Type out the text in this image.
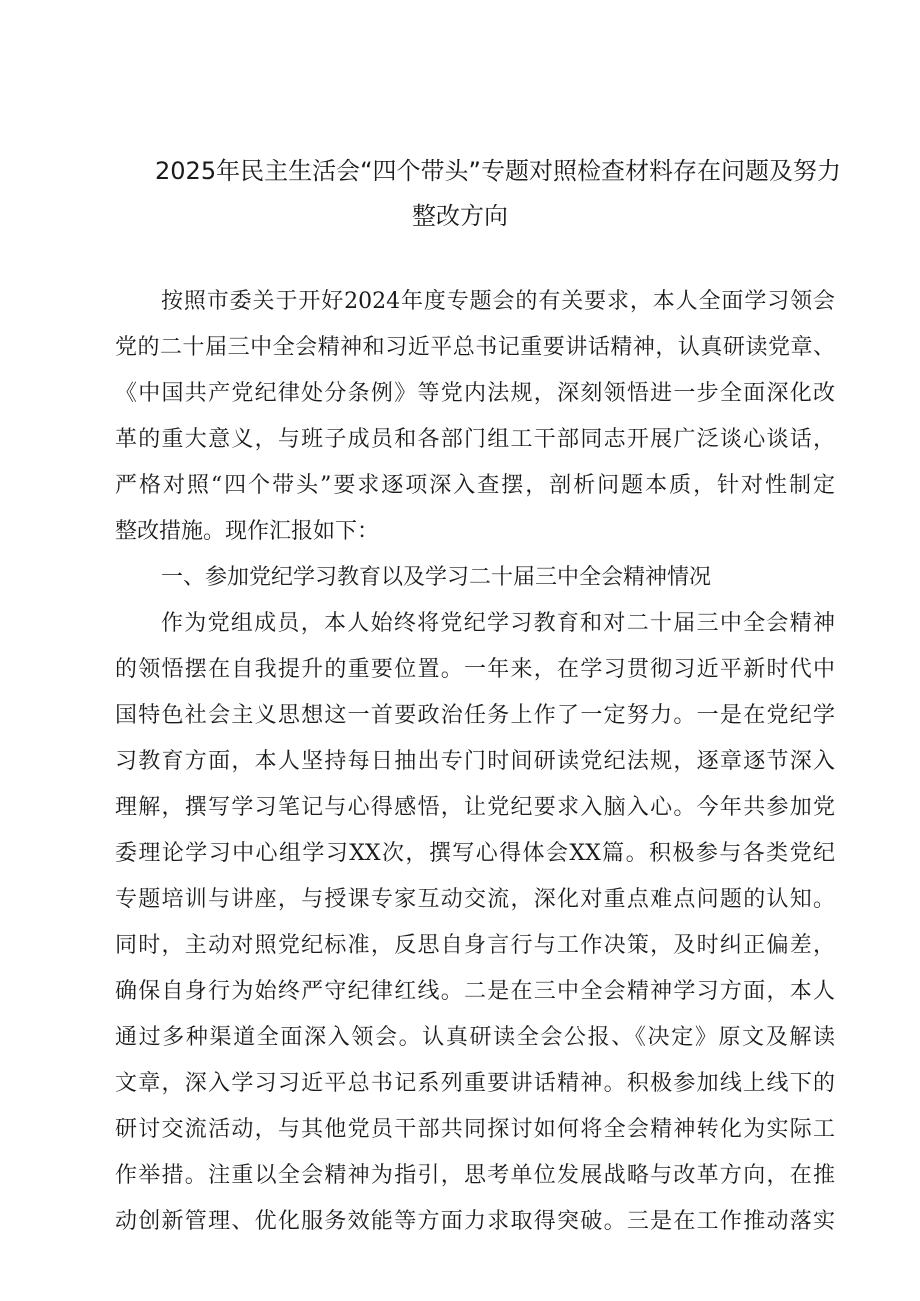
2025年民主生活会“四个带头”专题对照检查材料存在问题及努力
整改方向
按照市委关于开好2024年度专题会的有关要求，本人全面学习领会
党的二十届三中全会精神和习近平总书记重要讲话精神，认真研读党章、
《中国共产党纪律处分条例》等党内法规，深刻领悟进一步全面深化改
革的重大意义，与班子成员和各部门组工干部同志开展广泛谈心谈话，
严格对照“四个带头”要求逐项深入查摆，剖析问题本质，针对性制定
整改措施。现作汇报如下：
一、参加党纪学习教育以及学习二十届三中全会精神情况
作为党组成员，本人始终将党纪学习教育和对二十届三中全会精神
的领悟摆在自我提升的重要位置。一年来，在学习贯彻习近平新时代中
国特色社会主义思想这一首要政治任务上作了一定努力。一是在党纪学
习教育方面，本人坚持每日抽出专门时间研读党纪法规，逐章逐节深入
理解，撰写学习笔记与心得感悟，让党纪要求入脑入心。今年共参加党
委理论学习中心组学习XX次，撰写心得体会XX篇。积极参与各类党纪
专题培训与讲座，与授课专家互动交流，深化对重点难点问题的认知。
同时，主动对照党纪标准，反思自身言行与工作决策，及时纠正偏差，
确保自身行为始终严守纪律红线。二是在三中全会精神学习方面，本人
通过多种渠道全面深入领会。认真研读全会公报、《决定》原文及解读
文章，深入学习习近平总书记系列重要讲话精神。积极参加线上线下的
研讨交流活动，与其他党员干部共同探讨如何将全会精神转化为实际工
作举措。注重以全会精神为指引，思考单位发展战略与改革方向，在推
动创新管理、优化服务效能等方面力求取得突破。三是在工作推动落实
